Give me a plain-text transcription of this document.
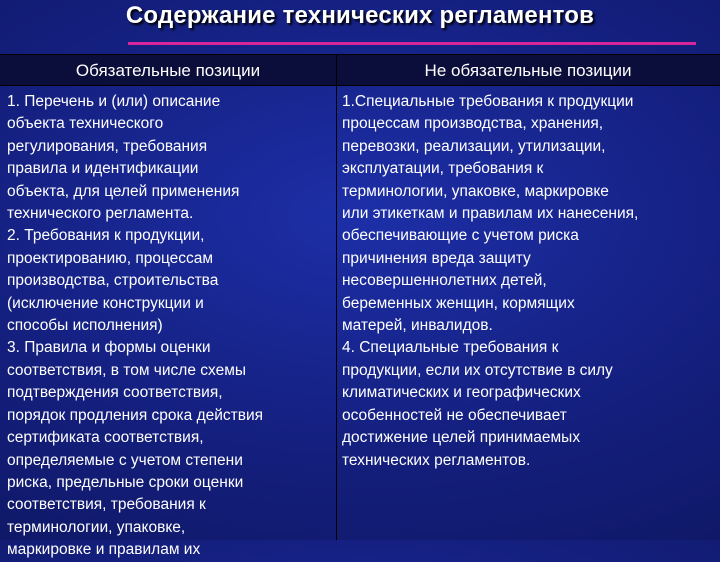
Содержание технических регламентов
Обязательные позиции	Не обязательные позиции
1. Перечень и (или) описание
объекта технического
регулирования, требования
правила и идентификации
объекта, для целей применения
технического регламента.
2. Требования к продукции,
проектированию, процессам
производства, строительства
(исключение конструкции и
способы исполнения)
3. Правила и формы оценки
соответствия, в том числе схемы
подтверждения соответствия,
порядок продления срока действия
сертификата соответствия,
определяемые с учетом степени
риска, предельные сроки оценки
соответствия, требования к
терминологии, упаковке,
маркировке и правилам их
1.Специальные требования к продукции
процессам производства, хранения,
перевозки, реализации, утилизации,
эксплуатации, требования к
терминологии, упаковке, маркировке
или этикеткам и правилам их нанесения,
обеспечивающие с учетом риска
причинения вреда защиту
несовершеннолетних детей,
беременных женщин, кормящих
матерей, инвалидов.
4. Специальные требования к
продукции, если их отсутствие в силу
климатических и географических
особенностей не обеспечивает
достижение целей принимаемых
технических регламентов.
